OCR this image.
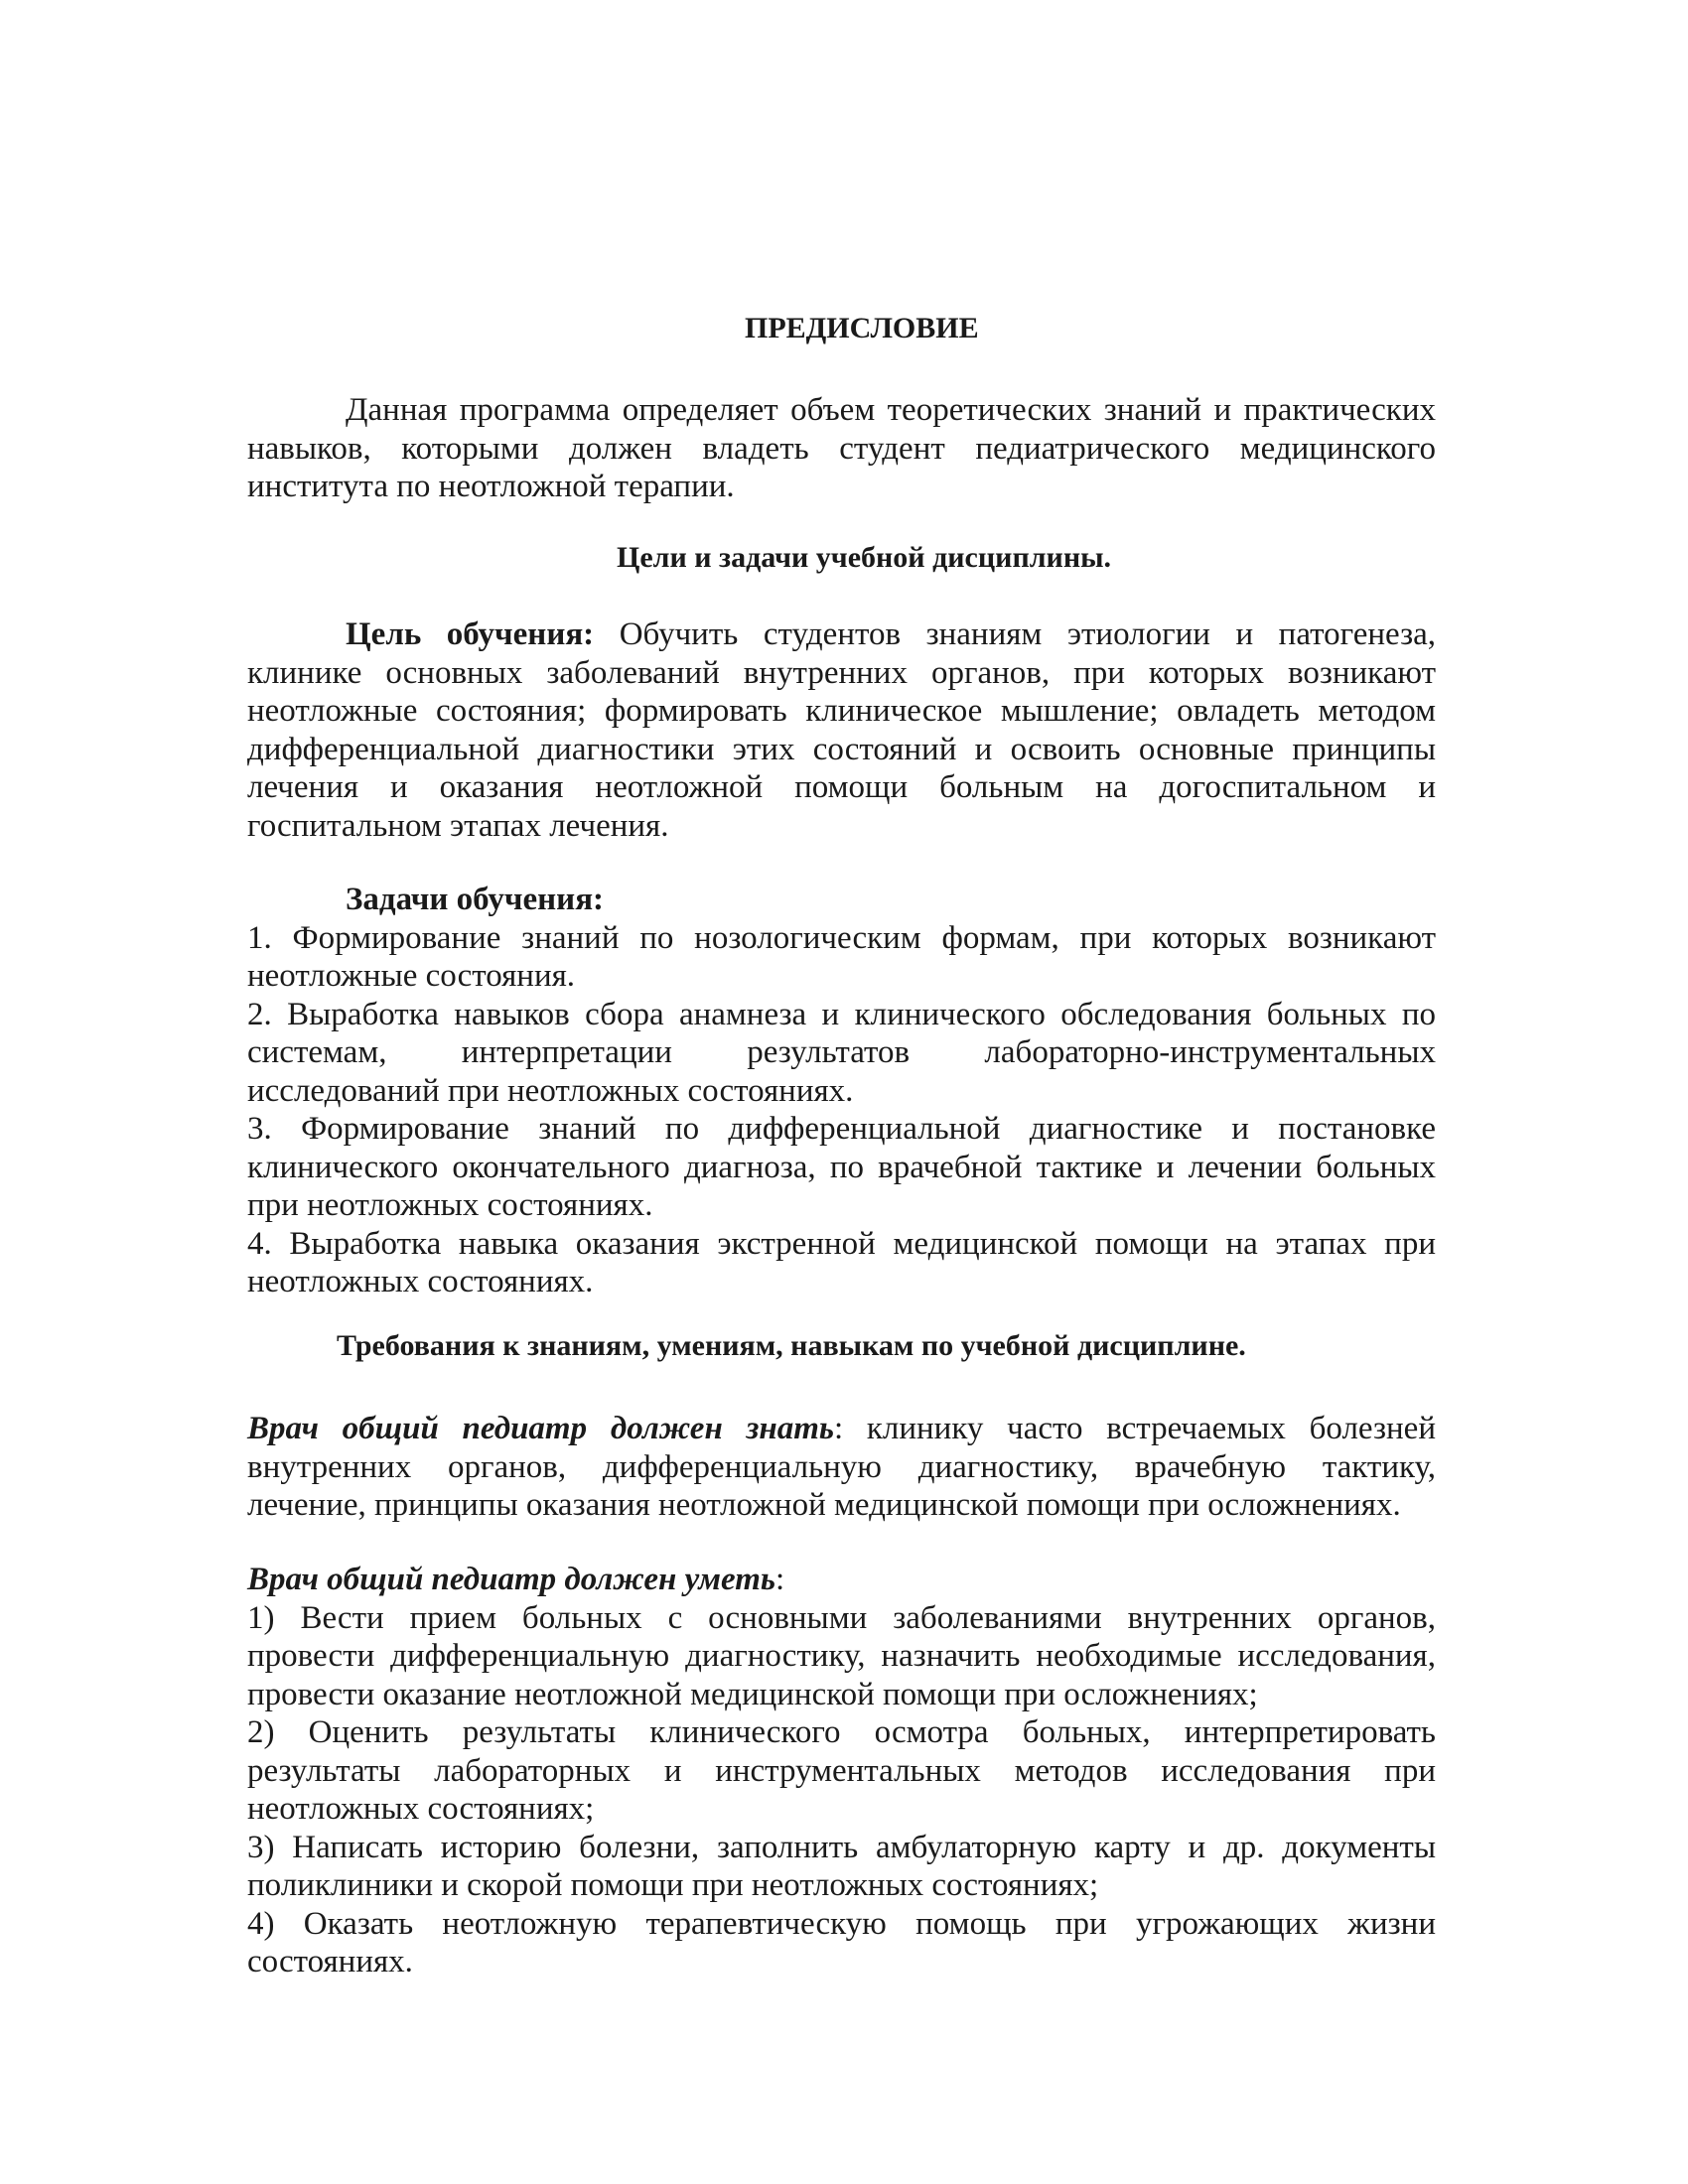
ПРЕДИСЛОВИЕ
Данная программа определяет объем теоретических знаний и практических
навыков, которыми должен владеть студент педиатрического медицинского
института по неотложной терапии.
Цели и задачи учебной дисциплины.
Цель обучения: Обучить студентов знаниям этиологии и патогенеза,
клинике основных заболеваний внутренних органов, при которых возникают
неотложные состояния; формировать клиническое мышление; овладеть методом
дифференциальной диагностики этих состояний и освоить основные принципы
лечения и оказания неотложной помощи больным на догоспитальном и
госпитальном этапах лечения.
Задачи обучения:
1. Формирование знаний по нозологическим формам, при которых возникают
неотложные состояния.
2. Выработка навыков сбора анамнеза и клинического обследования больных по
системам, интерпретации результатов лабораторно-инструментальных
исследований при неотложных состояниях.
3. Формирование знаний по дифференциальной диагностике и постановке
клинического окончательного диагноза, по врачебной тактике и лечении больных
при неотложных состояниях.
4. Выработка навыка оказания экстренной медицинской помощи на этапах при
неотложных состояниях.
Требования к знаниям, умениям, навыкам по учебной дисциплине.
Врач общий педиатр должен знать: клинику часто встречаемых болезней
внутренних органов, дифференциальную диагностику, врачебную тактику,
лечение, принципы оказания неотложной медицинской помощи при осложнениях.
Врач общий педиатр должен уметь:
1) Вести прием больных с основными заболеваниями внутренних органов,
провести дифференциальную диагностику, назначить необходимые исследования,
провести оказание неотложной медицинской помощи при осложнениях;
2) Оценить результаты клинического осмотра больных, интерпретировать
результаты лабораторных и инструментальных методов исследования при
неотложных состояниях;
3) Написать историю болезни, заполнить амбулаторную карту и др. документы
поликлиники и скорой помощи при неотложных состояниях;
4) Оказать неотложную терапевтическую помощь при угрожающих жизни
состояниях.
